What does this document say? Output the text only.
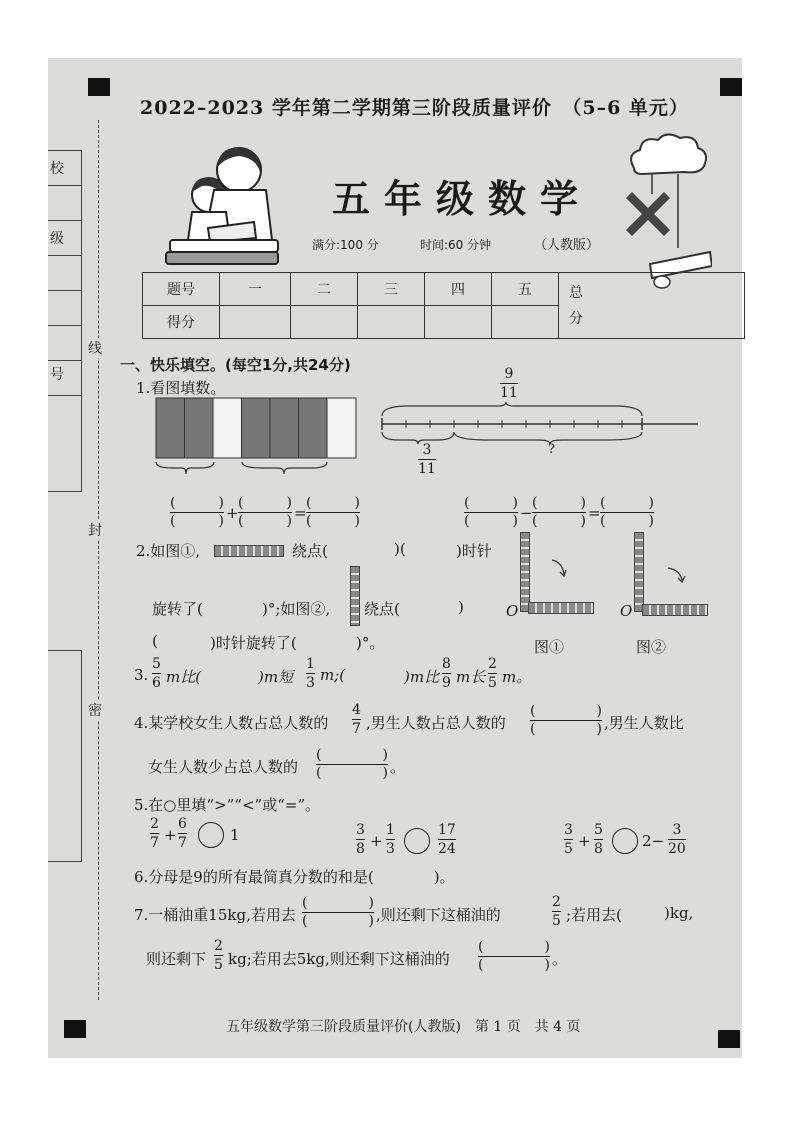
校
级
号
线
封
密
2022–2023 学年第二学期第三阶段质量评价　（5–6 单元）
五年级数学
满分:100 分	时间:60 分钟	（人教版）
题号	一	二	三	四	五	总
分
得分						
一、快乐填空。(每空1分,共24分)
1.看图填数。
9
11
3
11
?
(	)
(	) +
(	)
(	) =
(	)
(	)
(	)
(	) −
(	)
(	) =
(	)
(	)
2.如图①,	绕点(	)(	)时针
旋转了(	)°;如图②, 绕点(	)
(	)时针旋转了(	)°。
O
图①
O
图②
3.
5
6 m比(	)m短
1
3 m;(	)m比
8
9 m长
2
5 m。
4.某学校女生人数占总人数的
4
7 ,男生人数占总人数的
(	)
(	) ,男生人数比
女生人数少占总人数的
(	)
(	) 。
5.在○里填“>”“<”或“=”。
2
7 +
6
7	1	3
8 +
1
3
17
24
3
5 +
5
8	2−
3
20
6.分母是9的所有最简真分数的和是(　　　　)。
7.一桶油重15kg,若用去
(	)
(	) ,则还剩下这桶油的
2
5 ;若用去(	)kg,
则还剩下
2
5 kg;若用去5kg,则还剩下这桶油的
(	)
(	) 。
五年级数学第三阶段质量评价(人教版)　第 1 页　共 4 页
